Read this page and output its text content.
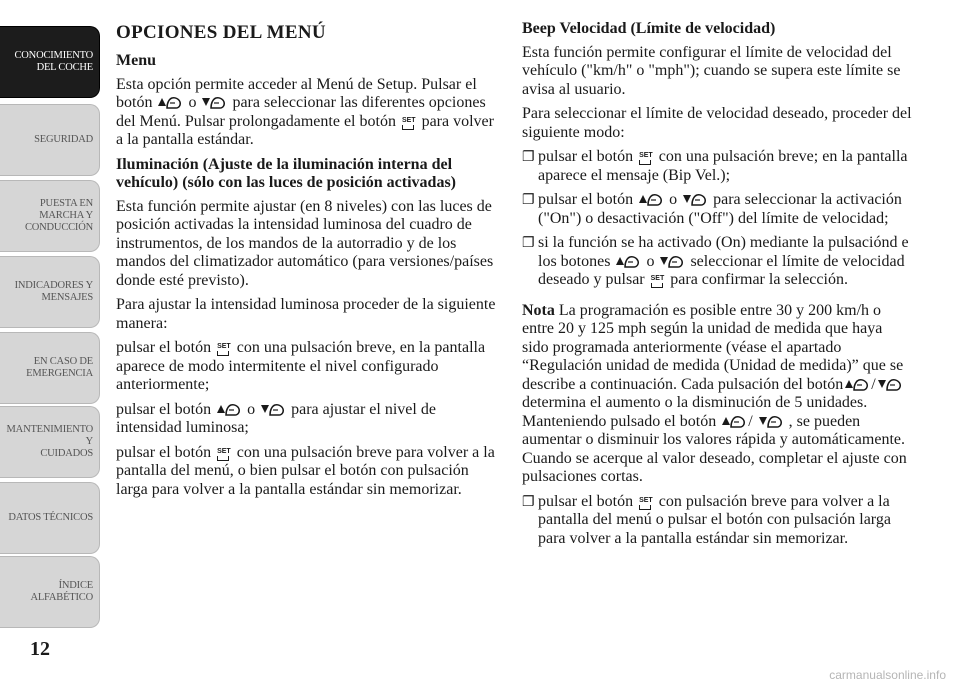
CONOCIMIENTO
DEL COCHE
SEGURIDAD
PUESTA EN
MARCHA Y
CONDUCCIÓN
INDICADORES Y
MENSAJES
EN CASO DE
EMERGENCIA
MANTENIMIENTO Y
CUIDADOS
DATOS TÉCNICOS
ÍNDICE
ALFABÉTICO
12
OPCIONES DEL MENÚ
Menu

Esta opción permite acceder al Menú de Setup. Pulsar el botón
o
para seleccionar las diferentes opciones del Menú. Pulsar prolongadamente el botón SET para volver a la pantalla estándar.

Iluminación (Ajuste de la iluminación interna del vehículo) (sólo con las luces de posición activadas)

Esta función permite ajustar (en 8 niveles) con las luces de posición activadas la intensidad luminosa del cuadro de instrumentos, de los mandos de la autorradio y de los mandos del climatizador automático (para versiones/países donde esté previsto).

Para ajustar la intensidad luminosa proceder de la siguiente manera:

pulsar el botón SET con una pulsación breve, en la pantalla aparece de modo intermitente el nivel configurado anteriormente;

pulsar el botón
o
para ajustar el nivel de intensidad luminosa;

pulsar el botón SET con una pulsación breve para volver a la pantalla del menú, o bien pulsar el botón con pulsación larga para volver a la pantalla estándar sin memorizar.

Beep Velocidad (Límite de velocidad)

Esta función permite configurar el límite de velocidad del vehículo ("km/h" o "mph"); cuando se supera este límite se avisa al usuario.

Para seleccionar el límite de velocidad deseado, proceder del siguiente modo:

❐ pulsar el botón SET con una pulsación breve; en la pantalla aparece el mensaje (Bip Vel.);
❐ pulsar el botón
o
para seleccionar la activación ("On") o desactivación ("Off") del límite de velocidad;
❐ si la función se ha activado (On) mediante la pulsaciónd e los botones
o
seleccionar el límite de velocidad deseado y pulsar SET para confirmar la selección.

Nota La programación es posible entre 30 y 200 km/h o entre 20 y 125 mph según la unidad de medida que haya sido programada anteriormente (véase el apartado “Regulación unidad de medida (Unidad de medida)” que se describe a continuación. Cada pulsación del botón /
determina el aumento o la disminución de 5 unidades. Manteniendo pulsado el botón
/
, se pueden aumentar o disminuir los valores rápida y automáticamente. Cuando se acerque al valor deseado, completar el ajuste con pulsaciones cortas.

❐ pulsar el botón SET con pulsación breve para volver a la pantalla del menú o pulsar el botón con pulsación larga para volver a la pantalla estándar sin memorizar.
carmanualsonline.info
